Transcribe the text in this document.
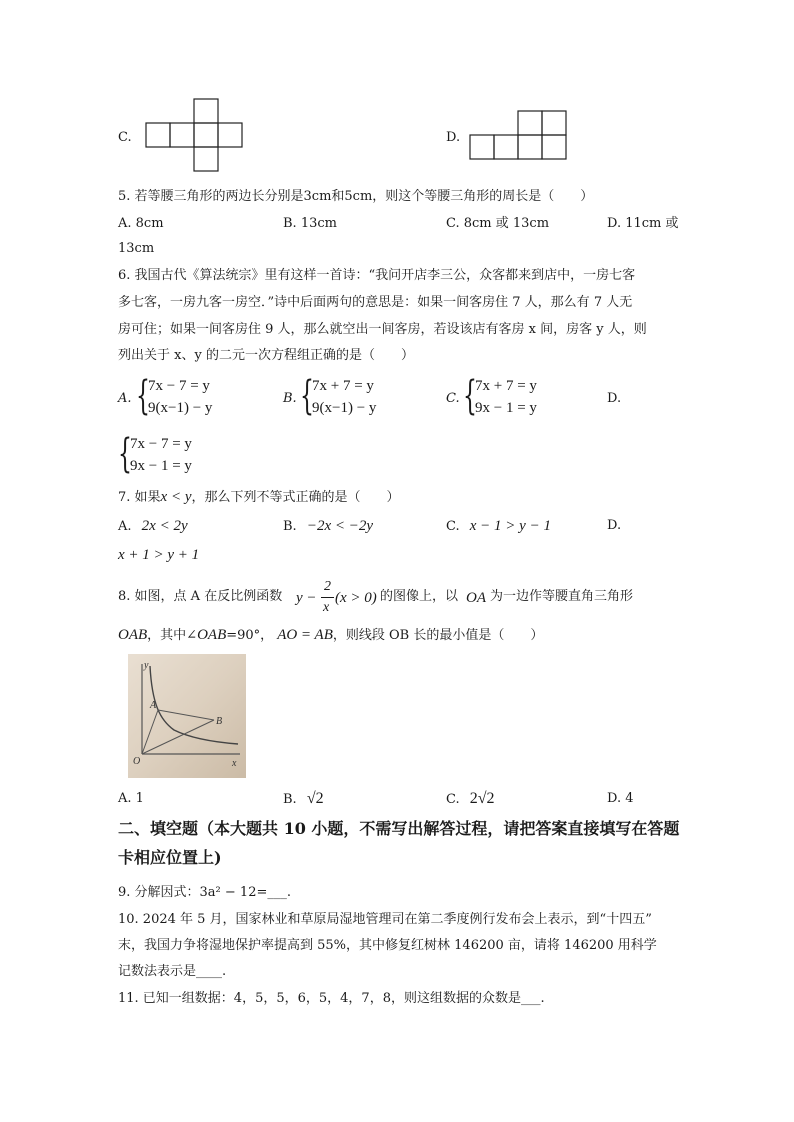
C.	D.
5. 若等腰三角形的两边长分别是3cm和5cm，则这个等腰三角形的周长是（　　）
A. 8cm	B. 13cm	C. 8cm 或 13cm	D. 11cm 或
13cm
6. 我国古代《算法统宗》里有这样一首诗：“我问开店李三公，众客都来到店中，一房七客
多七客，一房九客一房空．”诗中后面两句的意思是：如果一间客房住 7 人，那么有 7 人无
房可住；如果一间客房住 9 人，那么就空出一间客房，若设该店有客房 x 间，房客 y 人，则
列出关于 x、y 的二元一次方程组正确的是（　　）
A. {
7x − 7 = y
9(x−1) − y
B. {
7x + 7 = y
9(x−1) − y
C. {
7x + 7 = y
9x − 1 = y
D.
{
7x − 7 = y
9x − 1 = y
7. 如果x < y，那么下列不等式正确的是（　　）
A. 2x < 2y	B. −2x < −2y	C. x − 1 > y − 1	D.
x + 1 > y + 1
8. 如图，点 A 在反比例函数 y −
2
x
(x > 0) 的图像上，以 OA 为一边作等腰直角三角形
OAB，其中∠OAB=90°， AO = AB，则线段 OB 长的最小值是（　　）
y
x
O
A
B
A. 1	B. √2	C. 2√2	D. 4
二、填空题（本大题共 10 小题，不需写出解答过程，请把答案直接填写在答题
卡相应位置上)
9. 分解因式：3a² − 12=___.
10. 2024 年 5 月，国家林业和草原局湿地管理司在第二季度例行发布会上表示，到“十四五”
末，我国力争将湿地保护率提高到 55%，其中修复红树林 146200 亩，请将 146200 用科学
记数法表示是____.
11. 已知一组数据：4，5，5，6，5，4，7，8，则这组数据的众数是___.
